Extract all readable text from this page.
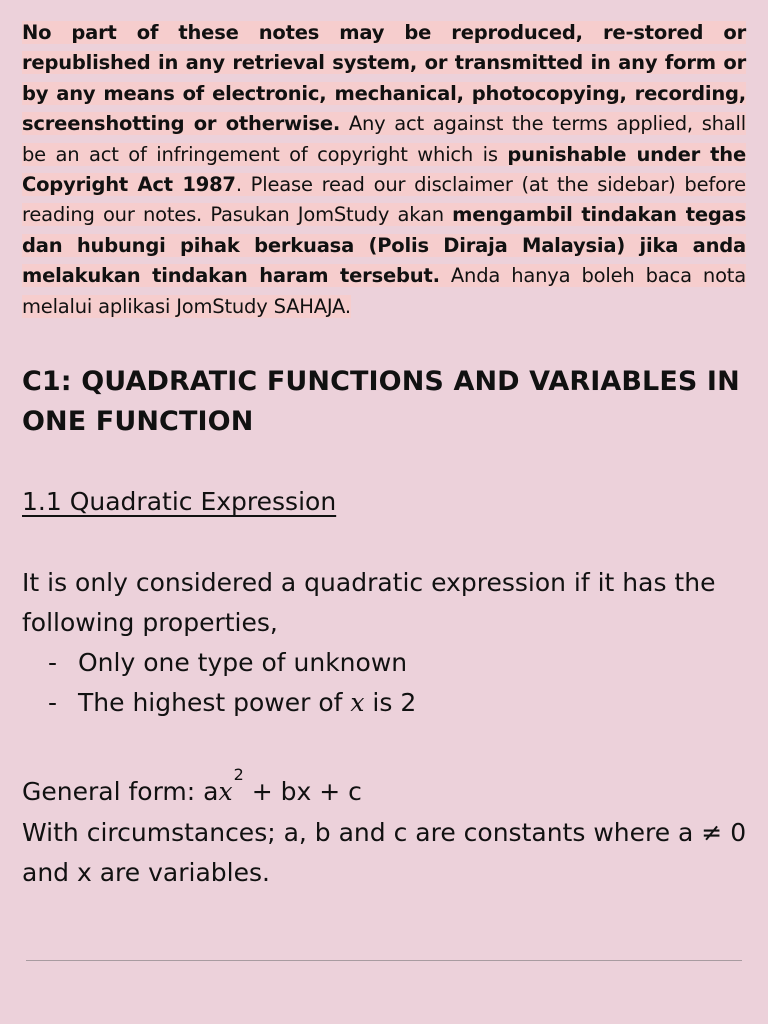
No part of these notes may be reproduced, re-stored or republished in any retrieval system, or transmitted in any form or by any means of electronic, mechanical, photocopying, recording, screenshotting or otherwise. Any act against the terms applied, shall be an act of infringement of copyright which is punishable under the Copyright Act 1987. Please read our disclaimer (at the sidebar) before reading our notes. Pasukan JomStudy akan mengambil tindakan tegas dan hubungi pihak berkuasa (Polis Diraja Malaysia) jika anda melakukan tindakan haram tersebut. Anda hanya boleh baca nota melalui aplikasi JomStudy SAHAJA.
C1: QUADRATIC FUNCTIONS AND VARIABLES IN ONE FUNCTION
1.1 Quadratic Expression

It is only considered a quadratic expression if it has the following properties,

- Only one type of unknown
- The highest power of x is 2

General form: $ax^2+$ bx + c

With circumstances; a, b and c are constants where a ≠ 0 and x are variables.
